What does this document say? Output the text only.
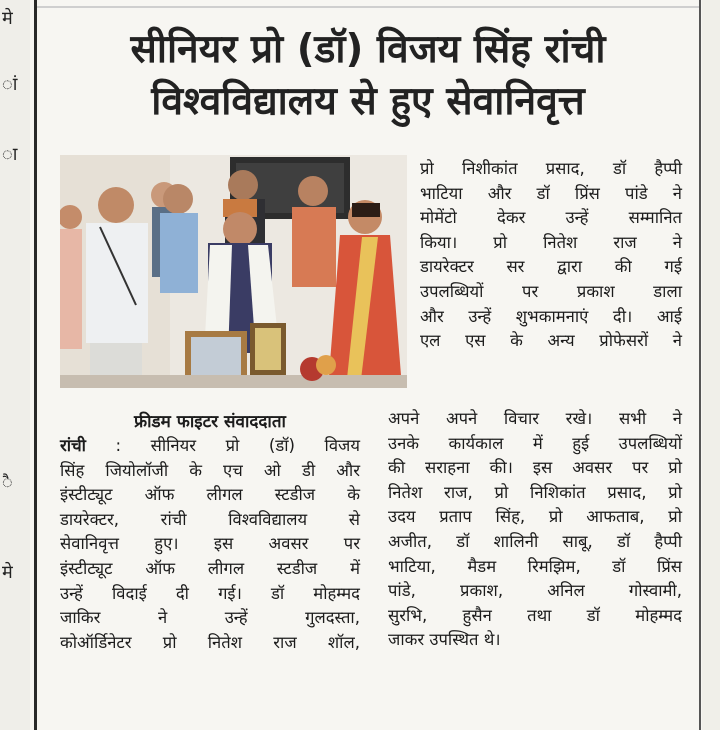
मे
ां
ा
ै
मे
सीनियर प्रो (डॉ) विजय सिंह रांची
विश्वविद्यालय से हुए सेवानिवृत्त

प्रो निशीकांत प्रसाद, डॉ हैप्पी

भाटिया और डॉ प्रिंस पांडे ने

मोमेंटो देकर उन्हें सम्मानित

किया। प्रो नितेश राज ने

डायरेक्टर सर द्वारा की गई

उपलब्धियों पर प्रकाश डाला

और उन्हें शुभकामनाएं दी। आई

एल एस के अन्य प्रोफेसरों ने

फ्रीडम फाइटर संवाददाता

रांची : सीनियर प्रो (डॉ) विजय

सिंह जियोलॉजी के एच ओ डी और

इंस्टीट्यूट ऑफ लीगल स्टडीज के

डायरेक्टर, रांची विश्वविद्यालय से

सेवानिवृत्त हुए। इस अवसर पर

इंस्टीट्यूट ऑफ लीगल स्टडीज में

उन्हें विदाई दी गई। डॉ मोहम्मद

जाकिर ने उन्हें गुलदस्ता,

कोऑर्डिनेटर प्रो नितेश राज शॉल,

अपने अपने विचार रखे। सभी ने

उनके कार्यकाल में हुई उपलब्धियों

की सराहना की। इस अवसर पर प्रो

नितेश राज, प्रो निशिकांत प्रसाद, प्रो

उदय प्रताप सिंह, प्रो आफताब, प्रो

अजीत, डॉ शालिनी साबू, डॉ हैप्पी

भाटिया, मैडम रिमझिम, डॉ प्रिंस

पांडे, प्रकाश, अनिल गोस्वामी,

सुरभि, हुसैन तथा डॉ मोहम्मद

जाकर उपस्थित थे।
